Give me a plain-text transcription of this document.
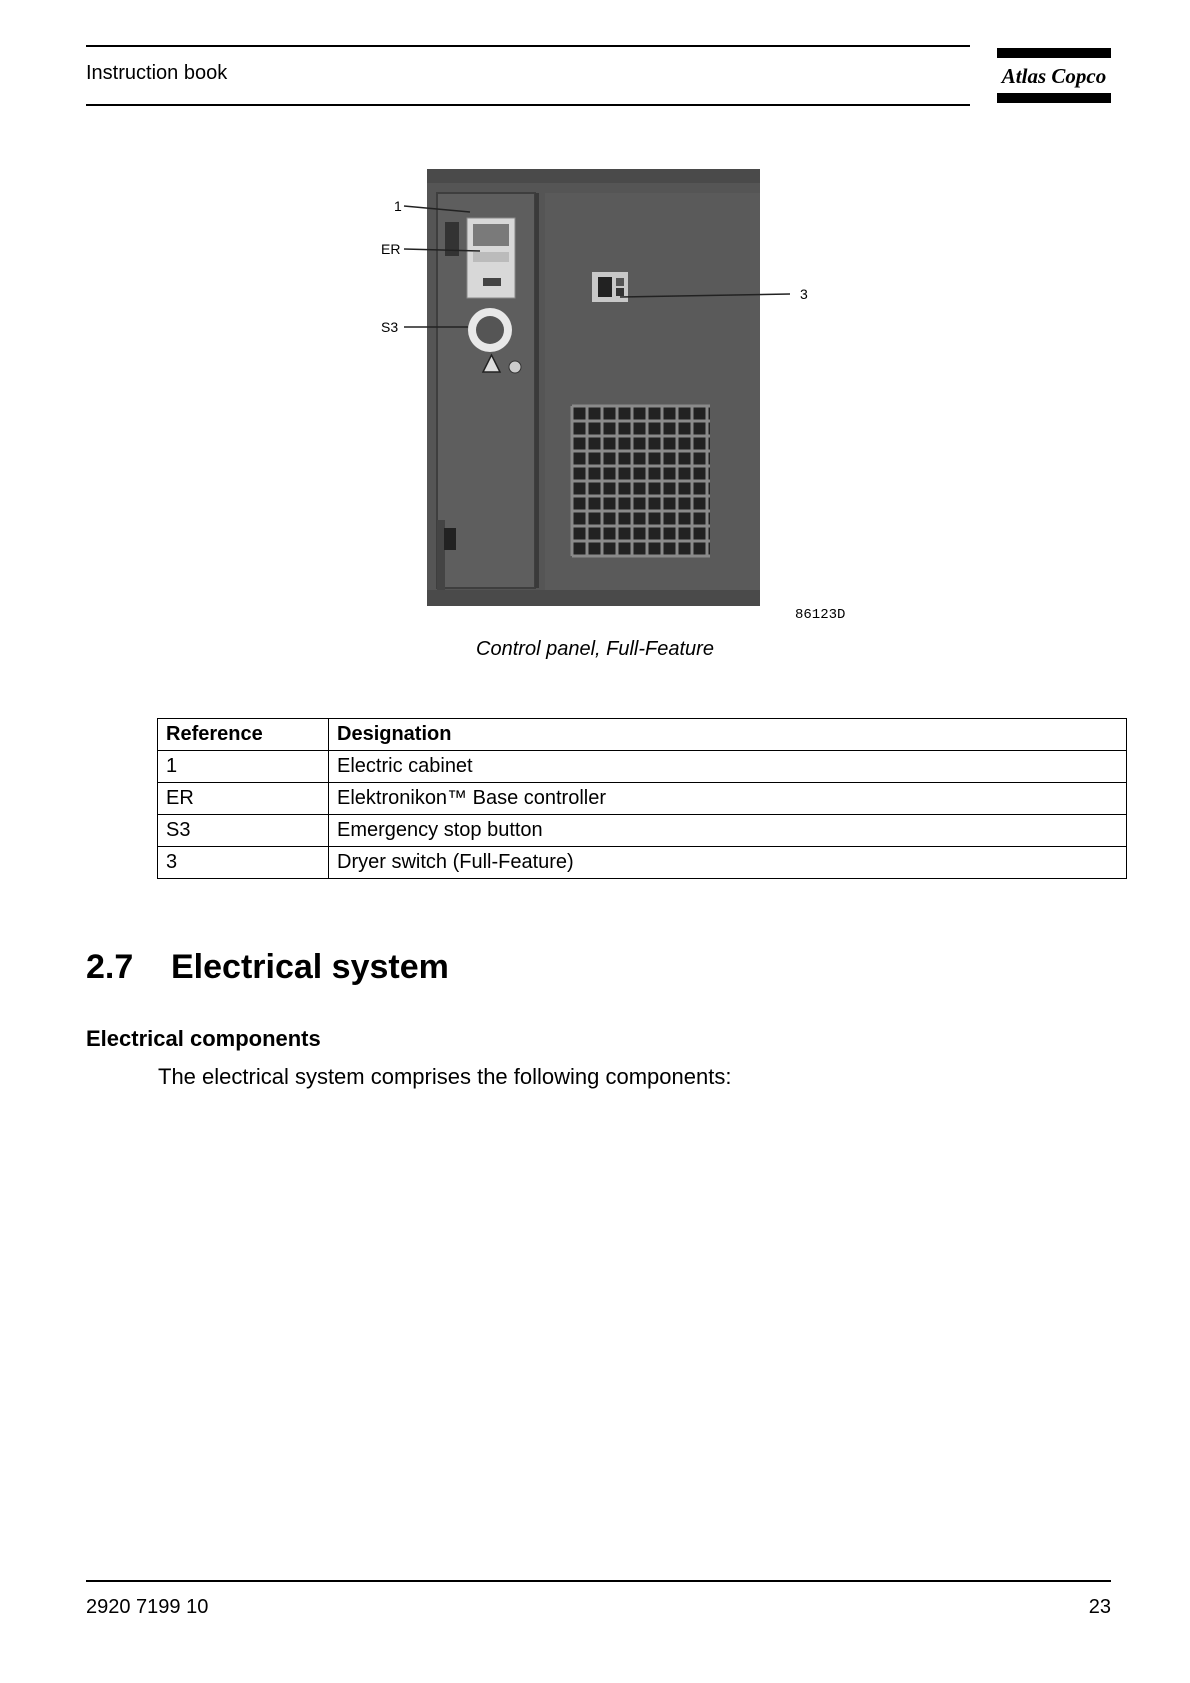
Instruction book	Atlas Copco
1
ER
S3
3
86123D
Control panel, Full-Feature
Reference	Designation
1	Electric cabinet
ER	Elektronikon™ Base controller
S3	Emergency stop button
3	Dryer switch (Full-Feature)
2.7 Electrical system
Electrical components
The electrical system comprises the following components:
2920 7199 10	23
